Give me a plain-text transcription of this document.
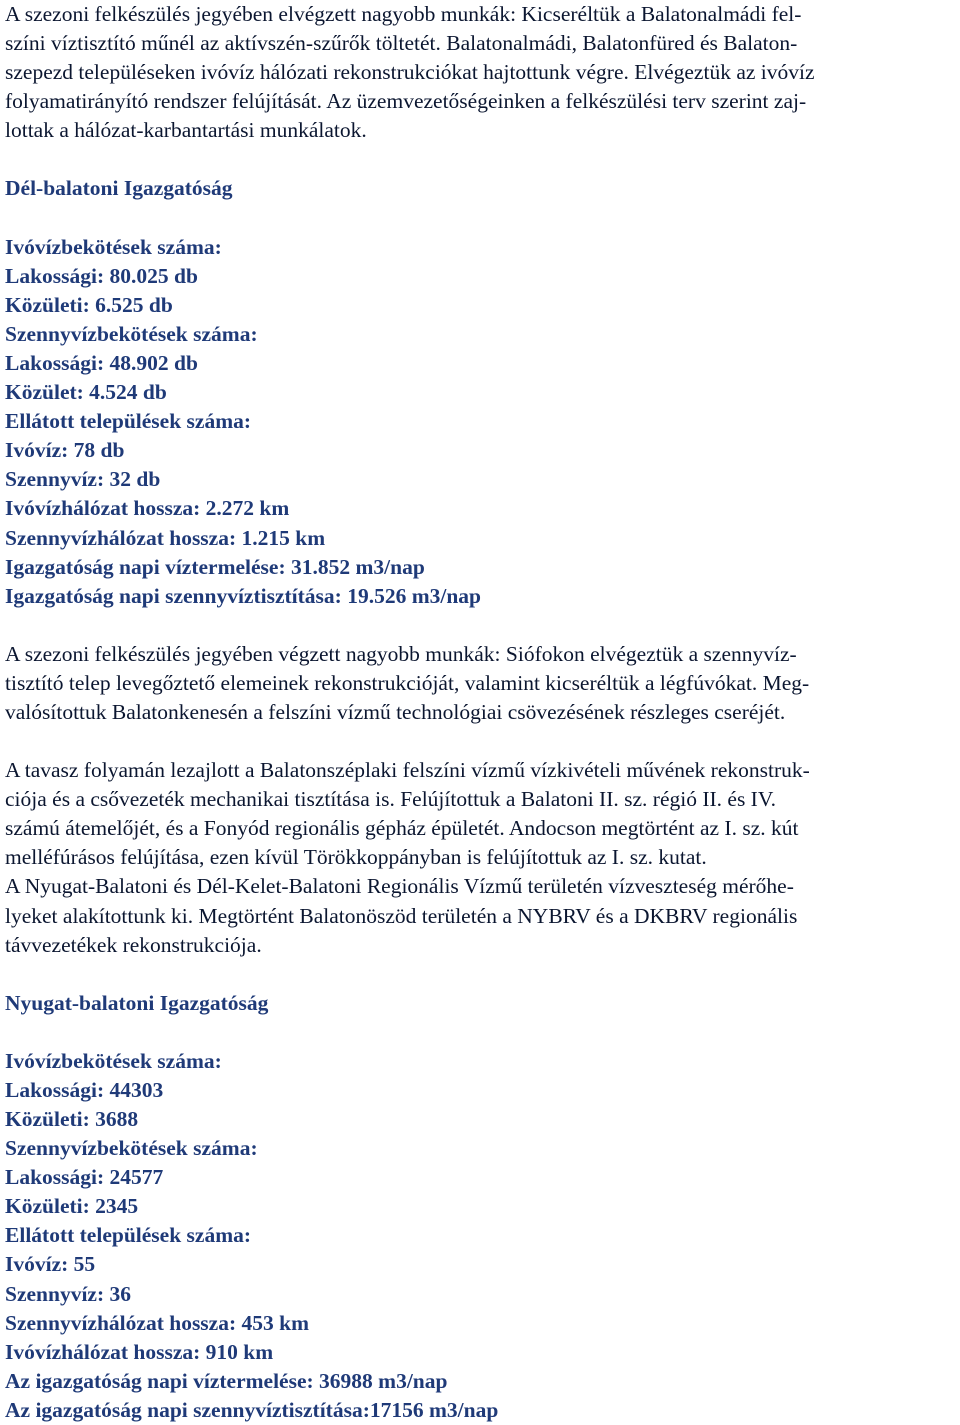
A szezoni felkészülés jegyében elvégzett nagyobb munkák: Kicseréltük a Balatonalmádi fel-
színi víztisztító műnél az aktívszén-szűrők töltetét. Balatonalmádi, Balatonfüred és Balaton-
szepezd településeken ivóvíz hálózati rekonstrukciókat hajtottunk végre. Elvégeztük az ivóvíz
folyamatirányító rendszer felújítását. Az üzemvezetőségeinken a felkészülési terv szerint zaj-
lottak a hálózat-karbantartási munkálatok.
Dél-balatoni Igazgatóság
Ivóvízbekötések száma:
Lakossági: 80.025 db
Közületi: 6.525 db
Szennyvízbekötések száma:
Lakossági: 48.902 db
Közület: 4.524 db
Ellátott települések száma:
Ivóvíz: 78 db
Szennyvíz: 32 db
Ivóvízhálózat hossza: 2.272 km
Szennyvízhálózat hossza: 1.215 km
Igazgatóság napi víztermelése: 31.852 m3/nap
Igazgatóság napi szennyvíztisztítása: 19.526 m3/nap
A szezoni felkészülés jegyében végzett nagyobb munkák: Siófokon elvégeztük a szennyvíz-
tisztító telep levegőztető elemeinek rekonstrukcióját, valamint kicseréltük a légfúvókat. Meg-
valósítottuk Balatonkenesén a felszíni vízmű technológiai csövezésének részleges cseréjét.
A tavasz folyamán lezajlott a Balatonszéplaki felszíni vízmű vízkivételi művének rekonstruk-
ciója és a csővezeték mechanikai tisztítása is. Felújítottuk a Balatoni II. sz. régió II. és IV.
számú átemelőjét, és a Fonyód regionális gépház épületét. Andocson megtörtént az I. sz. kút
melléfúrásos felújítása, ezen kívül Törökkoppányban is felújítottuk az I. sz. kutat.
A Nyugat-Balatoni és Dél-Kelet-Balatoni Regionális Vízmű területén vízveszteség mérőhe-
lyeket alakítottunk ki. Megtörtént Balatonöszöd területén a NYBRV és a DKBRV regionális
távvezetékek rekonstrukciója.
Nyugat-balatoni Igazgatóság
Ivóvízbekötések száma:
Lakossági: 44303
Közületi: 3688
Szennyvízbekötések száma:
Lakossági: 24577
Közületi: 2345
Ellátott települések száma:
Ivóvíz: 55
Szennyvíz: 36
Szennyvízhálózat hossza: 453 km
Ivóvízhálózat hossza: 910 km
Az igazgatóság napi víztermelése: 36988 m3/nap
Az igazgatóság napi szennyvíztisztítása:17156 m3/nap
